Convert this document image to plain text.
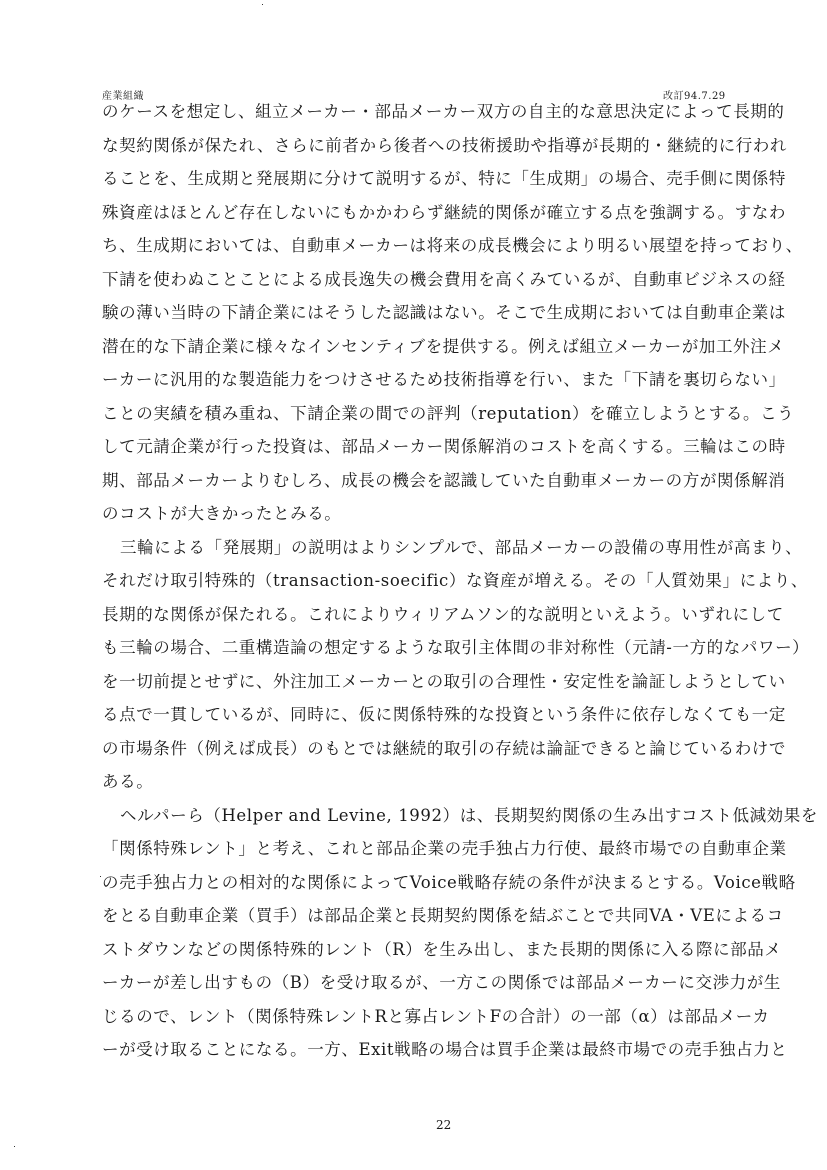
産業組織	改訂94.7.29
のケースを想定し、組立メーカー・部品メーカー双方の自主的な意思決定によって長期的
な契約関係が保たれ、さらに前者から後者への技術援助や指導が長期的・継続的に行われ
ることを、生成期と発展期に分けて説明するが、特に「生成期」の場合、売手側に関係特
殊資産はほとんど存在しないにもかかわらず継続的関係が確立する点を強調する。すなわ
ち、生成期においては、自動車メーカーは将来の成長機会により明るい展望を持っており、
下請を使わぬことことによる成長逸失の機会費用を高くみているが、自動車ビジネスの経
験の薄い当時の下請企業にはそうした認識はない。そこで生成期においては自動車企業は
潜在的な下請企業に様々なインセンティブを提供する。例えば組立メーカーが加工外注メ
ーカーに汎用的な製造能力をつけさせるため技術指導を行い、また「下請を裏切らない」
ことの実績を積み重ね、下請企業の間での評判（reputation）を確立しようとする。こう
して元請企業が行った投資は、部品メーカー関係解消のコストを高くする。三輪はこの時
期、部品メーカーよりむしろ、成長の機会を認識していた自動車メーカーの方が関係解消
のコストが大きかったとみる。
三輪による「発展期」の説明はよりシンプルで、部品メーカーの設備の専用性が高まり、
それだけ取引特殊的（transaction-soecific）な資産が増える。その「人質効果」により、
長期的な関係が保たれる。これによりウィリアムソン的な説明といえよう。いずれにして
も三輪の場合、二重構造論の想定するような取引主体間の非対称性（元請-一方的なパワー）
を一切前提とせずに、外注加工メーカーとの取引の合理性・安定性を論証しようとしてい
る点で一貫しているが、同時に、仮に関係特殊的な投資という条件に依存しなくても一定
の市場条件（例えば成長）のもとでは継続的取引の存続は論証できると論じているわけで
ある。
ヘルパーら（Helper and Levine, 1992）は、長期契約関係の生み出すコスト低減効果を
「関係特殊レント」と考え、これと部品企業の売手独占力行使、最終市場での自動車企業
の売手独占力との相対的な関係によってVoice戦略存続の条件が決まるとする。Voice戦略
をとる自動車企業（買手）は部品企業と長期契約関係を結ぶことで共同VA・VEによるコ
ストダウンなどの関係特殊的レント（R）を生み出し、また長期的関係に入る際に部品メ
ーカーが差し出すもの（B）を受け取るが、一方この関係では部品メーカーに交渉力が生
じるので、レント（関係特殊レントRと寡占レントFの合計）の一部（α）は部品メーカ
ーが受け取ることになる。一方、Exit戦略の場合は買手企業は最終市場での売手独占力と
22
